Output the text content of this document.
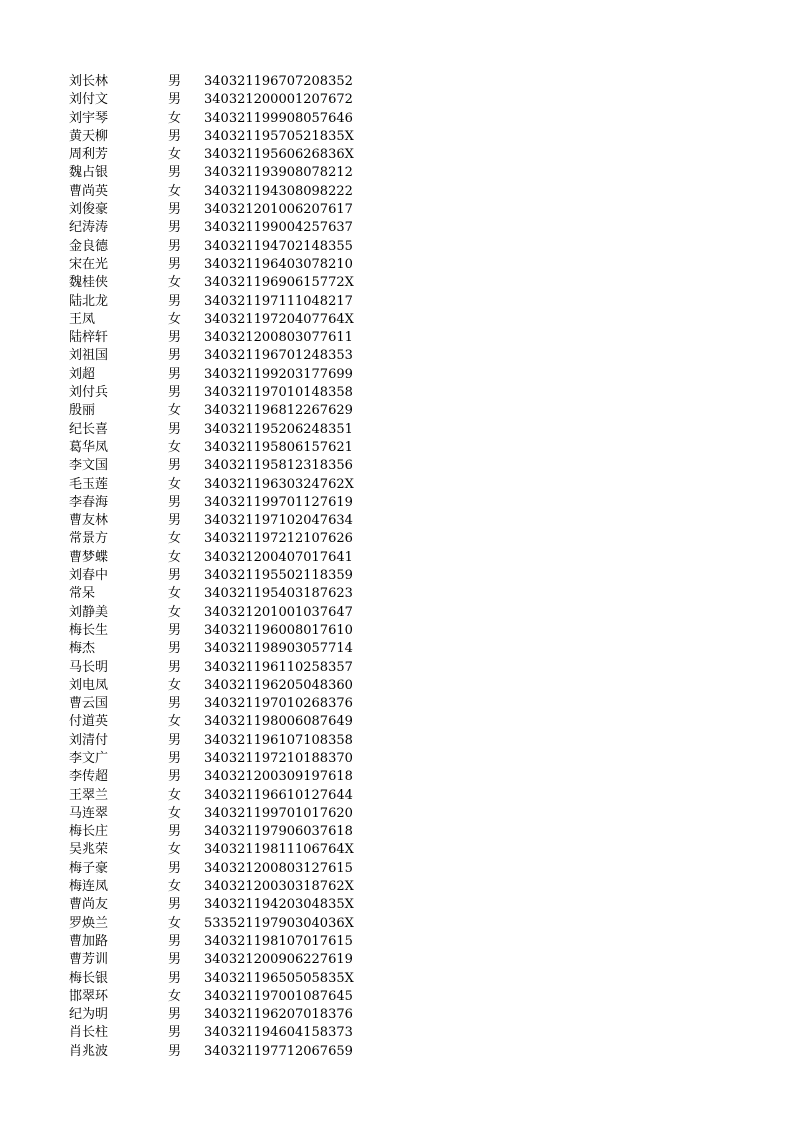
刘长林	男 340321196707208352
刘付文	男 340321200001207672
刘宇琴	女 340321199908057646
黄天柳	男 34032119570521835X
周利芳	女 34032119560626836X
魏占银	男 340321193908078212
曹尚英	女 340321194308098222
刘俊豪	男 340321201006207617
纪涛涛	男 340321199004257637
金良德	男 340321194702148355
宋在光	男 340321196403078210
魏桂侠	女 34032119690615772X
陆北龙	男 340321197111048217
王凤	女 34032119720407764X
陆梓轩	男 340321200803077611
刘祖国	男 340321196701248353
刘超	男 340321199203177699
刘付兵	男 340321197010148358
殷丽	女 340321196812267629
纪长喜	男 340321195206248351
葛华凤	女 340321195806157621
李文国	男 340321195812318356
毛玉莲	女 34032119630324762X
李春海	男 340321199701127619
曹友林	男 340321197102047634
常景方	女 340321197212107626
曹梦蝶	女 340321200407017641
刘春中	男 340321195502118359
常呆	女 340321195403187623
刘静美	女 340321201001037647
梅长生	男 340321196008017610
梅杰	男 340321198903057714
马长明	男 340321196110258357
刘电凤	女 340321196205048360
曹云国	男 340321197010268376
付道英	女 340321198006087649
刘清付	男 340321196107108358
李文广	男 340321197210188370
李传超	男 340321200309197618
王翠兰	女 340321196610127644
马连翠	女 340321199701017620
梅长庄	男 340321197906037618
吴兆荣	女 34032119811106764X
梅子豪	男 340321200803127615
梅连凤	女 34032120030318762X
曹尚友	男 34032119420304835X
罗焕兰	女 53352119790304036X
曹加路	男 340321198107017615
曹芳训	男 340321200906227619
梅长银	男 34032119650505835X
邯翠环	女 340321197001087645
纪为明	男 340321196207018376
肖长柱	男 340321194604158373
肖兆波	男 340321197712067659
